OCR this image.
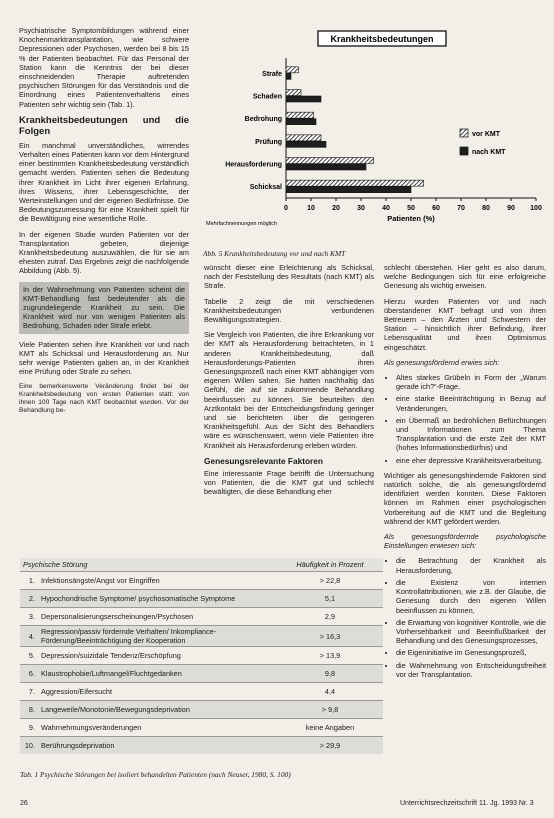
Psychiatrische Symptombildungen während einer Knochenmarktransplantation, wie schwere Depressionen oder Psychosen, werden bei 8 bis 15 % der Patienten beobachtet. Für das Personal der Station kann die Kenntnis der bei dieser einschneidenden Therapie auftretenden psychischen Störungen für das Verständnis und die Einordnung eines Patientenverhaltens eines Patienten sehr wichtig sein (Tab. 1).

Krankheitsbedeutungen und die Folgen

Ein manchmal unverständliches, wirrendes Verhalten eines Patienten kann vor dem Hintergrund einer bestimmten Krankheitsbedeutung verständlich gemacht werden. Patienten sehen die Bedeutung ihrer Krankheit im Licht ihrer eigenen Erfahrung, ihres Wissens, ihrer Lebensgeschichte, der Werteinstellungen und der eigenen Bedürfnisse. Die Bedeutungszumessung für eine Krankheit spielt für die Bewältigung eine wesentliche Rolle.

In der eigenen Studie wurden Patienten vor der Transplantation gebeten, diejenige Krankheitsbedeutung auszuwählen, die für sie am ehesten zutraf. Das Ergebnis zeigt die nachfolgende Abbildung (Abb. 5).

In der Wahrnehmung von Patienten scheint die KMT-Behandlung fast bedeutender als die zugrundeliegende Krankheit zu sein. Die Krankheit wird nur von wenigen Patienten als Bedrohung, Schaden oder Strafe erlebt.

Viele Patienten sehen ihre Krankheit vor und nach KMT als Schicksal und Herausforderung an. Nur sehr wenige Patienten gaben an, in der Krankheit eine Prüfung oder Strafe zu sehen.

Eine bemerkenswerte Veränderung findet bei der Krankheitsbedeutung von ersten Patienten statt: von ihnen 100 Tage nach KMT beobachtet wurden. Vor der Behandlung be-

Krankheitsbedeutungen
0	10 20 30 40 50 60 70 80 90 100
Patienten (%)
Mehrfachnennungen möglich
Strafe
Schaden
Bedrohung
Prüfung
Herausforderung
Schicksal
vor KMT
nach KMT
Abb. 5 Krankheitsbedeutung vor und nach KMT

wünscht dieser eine Erleichterung als Schicksal, nach der Feststellung des Resultats (nach KMT) als Strafe.

Tabelle 2 zeigt die mit verschiedenen Krankheitsbedeutungen verbundenen Bewältigungsstrategien.

Sie Vergleich von Patienten, die ihre Erkrankung vor der KMT als Herausforderung betrachteten, in 1 anderen Krankheitsbedeutung, daß Herausforderungs-Patienten ihren Genesungsprozeß nach einer KMT abhängiger vom eigenen Willen sahen. Sie hatten nachhaltig das Gefühl, die auf sie zukommende Behandlung beeinflussen zu können. Sie beurteilten den Arztkontakt bei der Entscheidungsfindung geringer und sie berichteten über die geringeren Krankheitsgefühl. Aus der Sicht des Behandlers wäre es wünschenswert, wenn viele Patienten ihre Krankheit als Herausforderung erleben würden.

Genesungsrelevante Faktoren

Eine interessante Frage betrifft die Untersuchung von Patienten, die die KMT gut und schlecht bewältigten, die diese Behandlung eher

schlecht überstehen. Hier geht es also darum, welche Bedingungen sich für eine erfolgreiche Genesung als wichtig erweisen.

Hierzu wurden Patienten vor und nach überstandener KMT befragt und von ihren Betreuern – den Ärzten und Schwestern der Station – hinsichtlich ihrer Befindung, ihrer Lebensqualität und ihren Optimismus eingeschätzt.

Als genesungsfördernd erwies sich:

• Altes starkes Grübeln in Form der „Warum gerade ich?“-Frage,
• eine starke Beeinträchtigung in Bezug auf Veränderungen,
• ein Übermaß an bedrohlichen Befürchtungen und Informationen zum Thema Transplantation und die erste Zeit der KMT (hohes Informationsbedürfnis) und
• eine eher depressive Krankheitsverarbeitung.

Wichtiger als genesungshindernde Faktoren sind natürlich solche, die als genesungsfördernd identifiziert werden konnten. Diese Faktoren können im Rahmen einer psychologischen Vorbereitung auf die KMT und die Begleitung während der KMT gefördert werden.

Als genesungsfördernde psychologische Einstellungen erwiesen sich:

• die Betrachtung der Krankheit als Herausforderung,
• die Existenz von internen Kontrollattributionen, wie z.B. der Glaube, die Genesung durch den eigenen Willen beeinflussen zu können,
• die Erwartung von kognitiver Kontrolle, wie die Vorhersehbarkeit und Beeinflußbarkeit der Behandlung und des Genesungsprozesses,
• die Eigeninitiative im Genesungsprozeß,
• die Wahrnehmung von Entscheidungsfreiheit vor der Transplantation.
Psychische Störung		Häufigkeit in Prozent
1.	Infektionsängste/Angst vor Eingriffen	> 22,8
2.	Hypochondrische Symptome/ psychosomatische Symptome	5,1
3.	Depersonalisierungserscheinungen/Psychosen	2,9
4.	Regression/passiv fordernde Verhalten/ Inkompliance-Förderung/Beeinträchtigung der Kooperation	> 16,3
5.	Depression/suizidale Tendenz/Erschöpfung	> 13,9
6.	Klaustrophobie/Luftmangel/Fluchtgedanken	9,8
7.	Aggression/Eifersucht	4,4
8.	Langeweile/Monotonie/Bewegungsdeprivation	> 9,8
9.	Wahrnehmungsveränderungen	keine Angaben
10.	Berührungsdeprivation	> 29,9
Tab. 1 Psychische Störungen bei isoliert behandelten Patienten (nach Neuser, 1980, S. 100)
26	Unterrichtsrechzeitschrift 11. Jg. 1993 Nr. 3
